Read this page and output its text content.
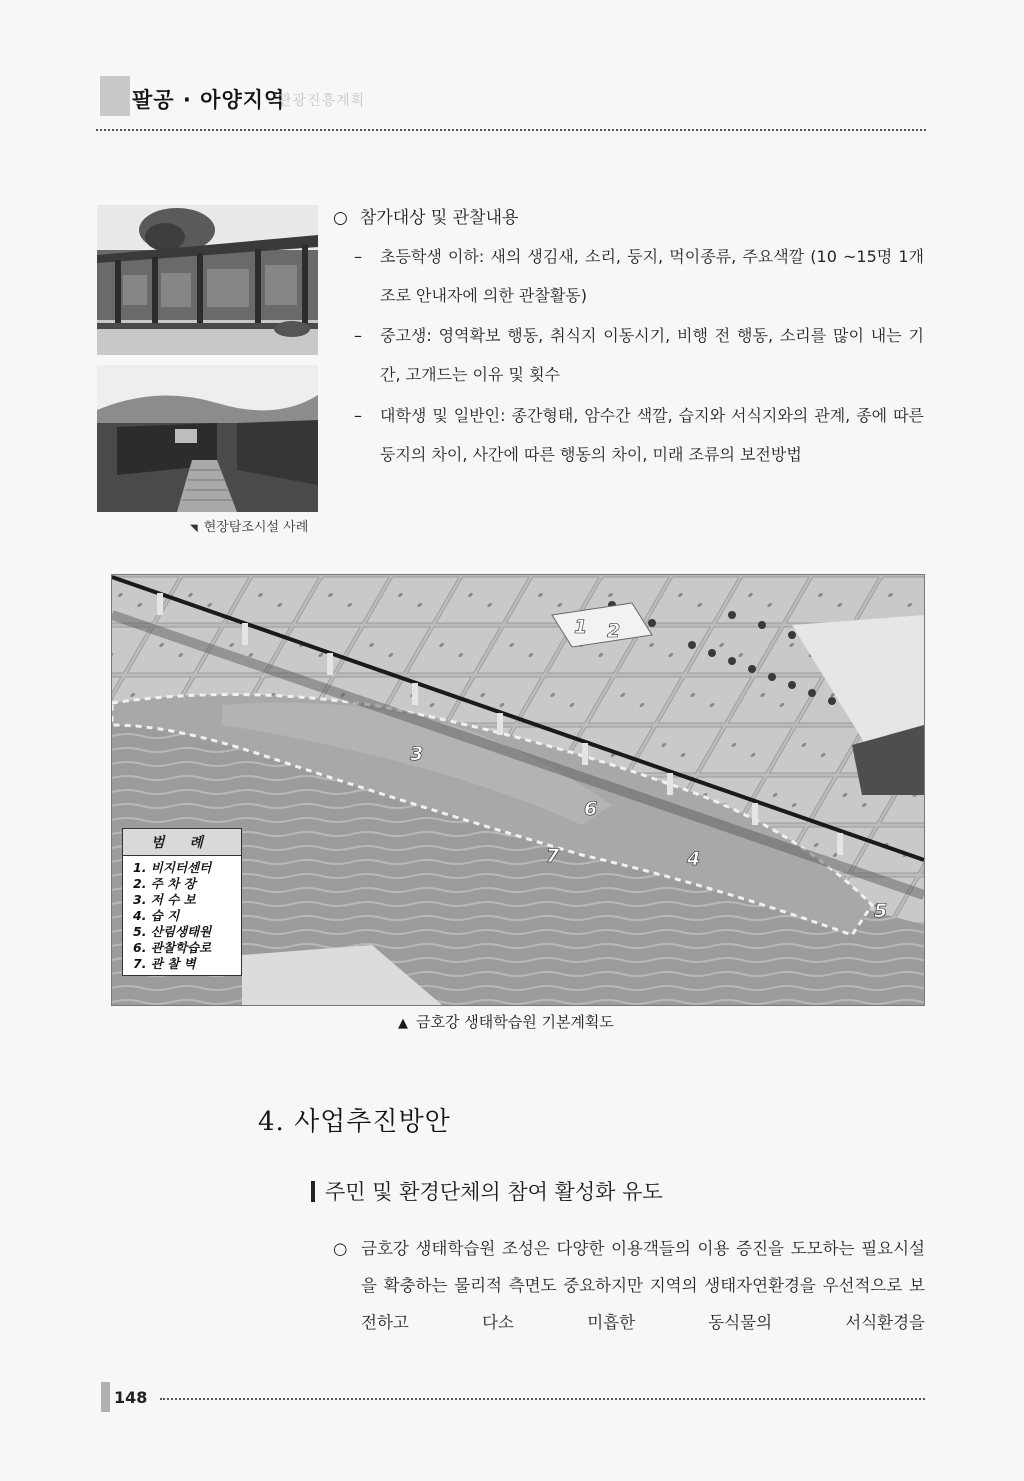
팔공 · 아양지역
관광진흥계획
◥ 현장탐조시설 사례
○ 참가대상 및 관찰내용
– 초등학생 이하: 새의 생김새, 소리, 둥지, 먹이종류, 주요색깔 (10 ~15명 1개조로 안내자에 의한 관찰활동)
– 중고생: 영역확보 행동, 취식지 이동시기, 비행 전 행동, 소리를 많이 내는 기간, 고개드는 이유 및 횟수
– 대학생 및 일반인: 종간형태, 암수간 색깔, 습지와 서식지와의 관계, 종에 따른 둥지의 차이, 사간에 따른 행동의 차이, 미래 조류의 보전방법
1 2
3
4
5
6
7
범 례
1. 비지터센터
2. 주 차 장
3. 저 수 보
4. 습 지
5. 산림생태원
6. 관찰학습로
7. 관 찰 벽
▲ 금호강 생태학습원 기본계획도
4. 사업추진방안
주민 및 환경단체의 참여 활성화 유도
○ 금호강 생태학습원 조성은 다양한 이용객들의 이용 증진을 도모하는 필요시설을 확충하는 물리적 측면도 중요하지만 지역의 생태자연환경을 우선적으로 보전하고 다소 미흡한 동식물의 서식환경을
148
